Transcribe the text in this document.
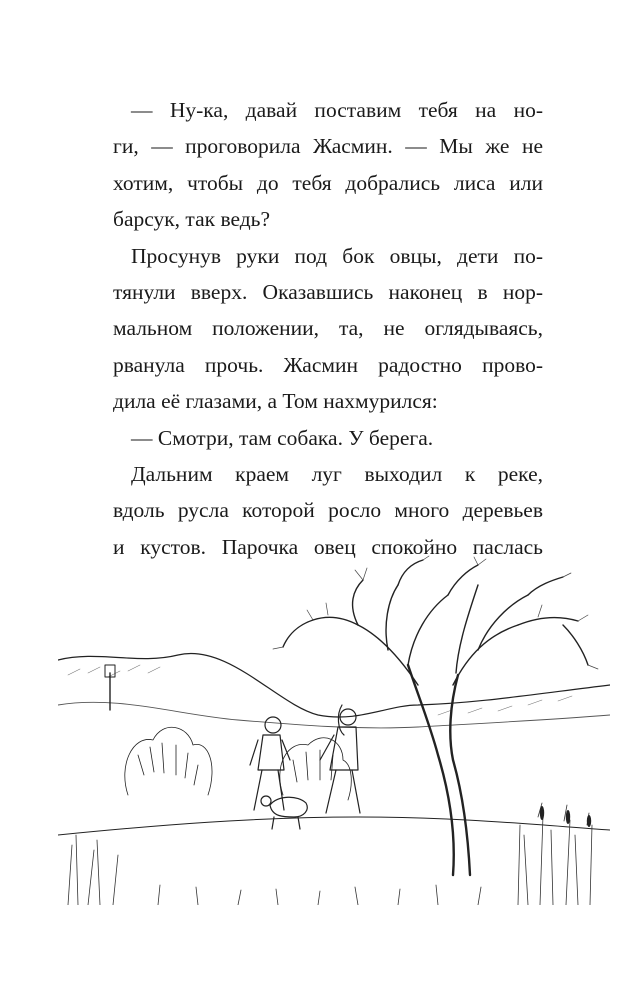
— Ну-ка, давай поставим тебя на но-
ги, — проговорила Жасмин. — Мы же не
хотим, чтобы до тебя добрались лиса или
барсук, так ведь?
Просунув руки под бок овцы, дети по-
тянули вверх. Оказавшись наконец в нор-
мальном положении, та, не оглядываясь,
рванула прочь. Жасмин радостно прово-
дила её глазами, а Том нахмурился:
— Смотри, там собака. У берега.
Дальним краем луг выходил к реке,
вдоль русла которой росло много деревьев
и кустов. Парочка овец спокойно паслась
